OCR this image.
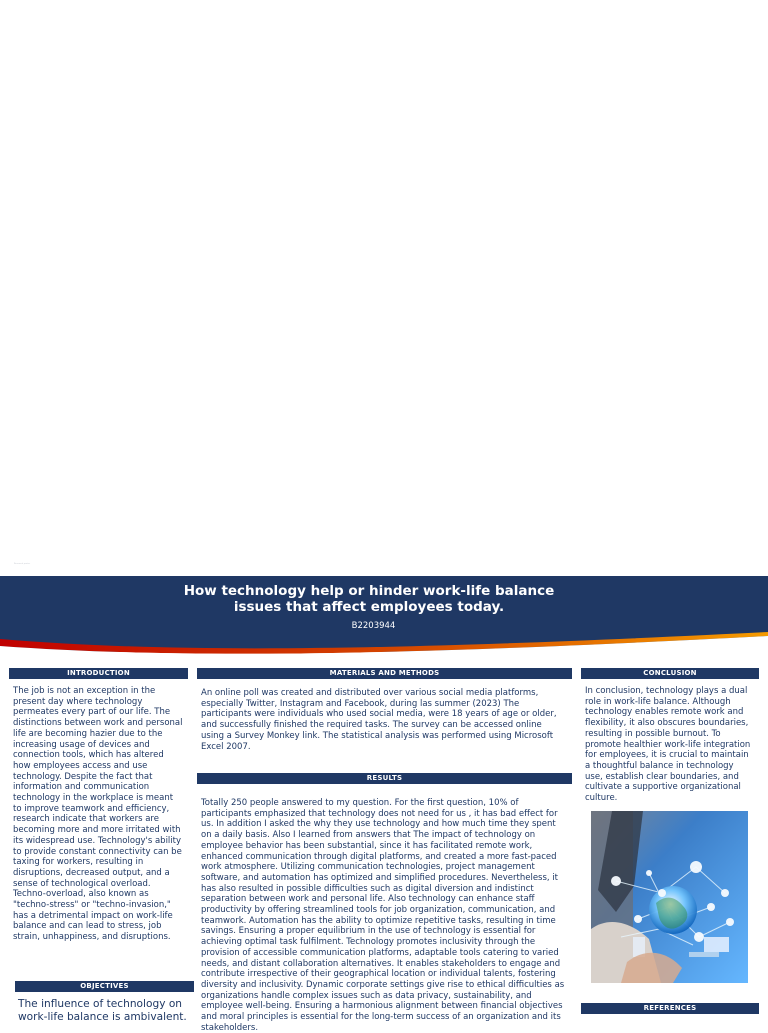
Research poster
How technology help or hinder work-life balance issues that affect employees today.
B2203944
INTRODUCTION
The job is not an exception in the present day where technology permeates every part of our life. The distinctions between work and personal life are becoming hazier due to the increasing usage of devices and connection tools, which has altered how employees access and use technology. Despite the fact that information and communication technology in the workplace is meant to improve teamwork and efficiency, research indicate that workers are becoming more and more irritated with its widespread use. Technology's ability to provide constant connectivity can be taxing for workers, resulting in disruptions, decreased output, and a sense of technological overload. Techno-overload, also known as "techno-stress" or "techno-invasion," has a detrimental impact on work-life balance and can lead to stress, job strain, unhappiness, and disruptions.
OBJECTIVES
The influence of technology on work-life balance is ambivalent.
MATERIALS AND METHODS
An online poll was created and distributed over various social media platforms, especially Twitter, Instagram and Facebook, during las summer (2023) The participants were individuals who used social media, were 18 years of age or older, and successfully finished the required tasks. The survey can be accessed online using a Survey Monkey link. The statistical analysis was performed using Microsoft Excel 2007.
RESULTS
Totally 250 people answered to my question. For the first question, 10% of participants emphasized that technology does not need for us , it has bad effect for us. In addition I asked the why they use technology and how much time they spent on a daily basis. Also I learned from answers that The impact of technology on employee behavior has been substantial, since it has facilitated remote work, enhanced communication through digital platforms, and created a more fast-paced work atmosphere. Utilizing communication technologies, project management software, and automation has optimized and simplified procedures. Nevertheless, it has also resulted in possible difficulties such as digital diversion and indistinct separation between work and personal life. Also technology can enhance staff productivity by offering streamlined tools for job organization, communication, and teamwork. Automation has the ability to optimize repetitive tasks, resulting in time savings. Ensuring a proper equilibrium in the use of technology is essential for achieving optimal task fulfilment. Technology promotes inclusivity through the provision of accessible communication platforms, adaptable tools catering to varied needs, and distant collaboration alternatives. It enables stakeholders to engage and contribute irrespective of their geographical location or individual talents, fostering diversity and inclusivity. Dynamic corporate settings give rise to ethical difficulties as organizations handle complex issues such as data privacy, sustainability, and employee well-being. Ensuring a harmonious alignment between financial objectives and moral principles is essential for the long-term success of an organization and its stakeholders.
CONCLUSION
In conclusion, technology plays a dual role in work-life balance. Although technology enables remote work and flexibility, it also obscures boundaries, resulting in possible burnout. To promote healthier work-life integration for employees, it is crucial to maintain a thoughtful balance in technology use, establish clear boundaries, and cultivate a supportive organizational culture.
REFERENCES
